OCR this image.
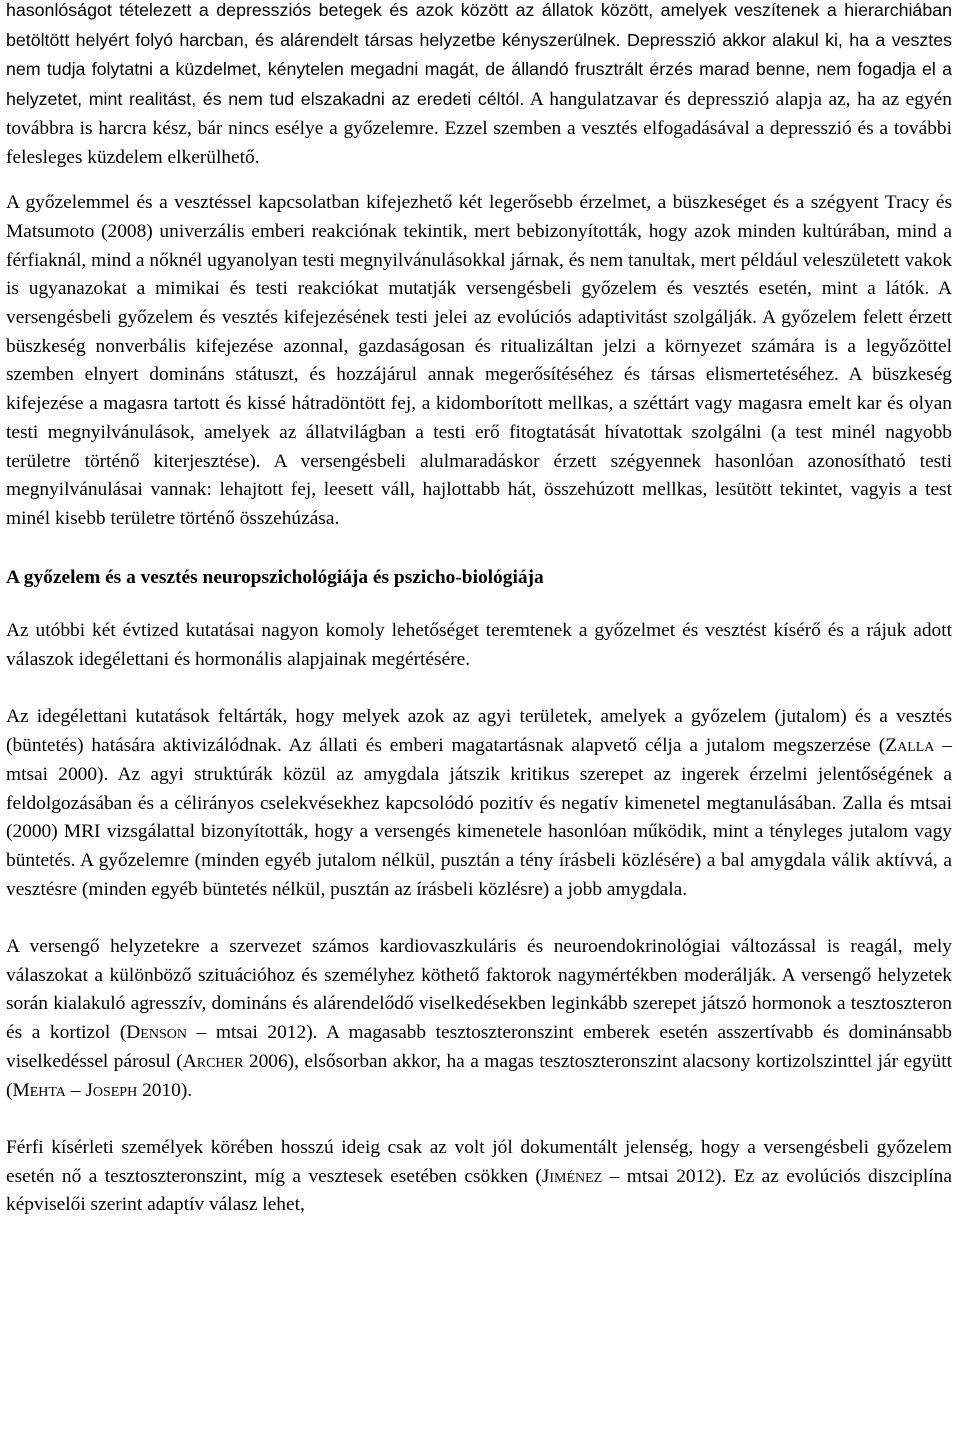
hasonlóságot tételezett a depressziós betegek és azok között az állatok között, amelyek veszítenek a hierarchiában betöltött helyért folyó harcban, és alárendelt társas helyzetbe kényszerülnek. Depresszió akkor alakul ki, ha a vesztes nem tudja folytatni a küzdelmet, kénytelen megadni magát, de állandó frusztrált érzés marad benne, nem fogadja el a helyzetet, mint realitást, és nem tud elszakadni az eredeti céltól. A hangulatzavar és depresszió alapja az, ha az egyén továbbra is harcra kész, bár nincs esélye a győzelemre. Ezzel szemben a vesztés elfogadásával a depresszió és a további felesleges küzdelem elkerülhető.

A győzelemmel és a vesztéssel kapcsolatban kifejezhető két legerősebb érzelmet, a büszkeséget és a szégyent Tracy és Matsumoto (2008) univerzális emberi reakciónak tekintik, mert bebizonyították, hogy azok minden kultúrában, mind a férfiaknál, mind a nőknél ugyanolyan testi megnyilvánulásokkal járnak, és nem tanultak, mert például veleszületett vakok is ugyanazokat a mimikai és testi reakciókat mutatják versengésbeli győzelem és vesztés esetén, mint a látók. A versengésbeli győzelem és vesztés kifejezésének testi jelei az evolúciós adaptivitást szolgálják. A győzelem felett érzett büszkeség nonverbális kifejezése azonnal, gazdaságosan és ritualizáltan jelzi a környezet számára is a legyőzöttel szemben elnyert domináns státuszt, és hozzájárul annak megerősítéséhez és társas elismertetéséhez. A büszkeség kifejezése a magasra tartott és kissé hátradöntött fej, a kidomborított mellkas, a széttárt vagy magasra emelt kar és olyan testi megnyilvánulások, amelyek az állatvilágban a testi erő fitogtatását hívatottak szolgálni (a test minél nagyobb területre történő kiterjesztése). A versengésbeli alulmaradáskor érzett szégyennek hasonlóan azonosítható testi megnyilvánulásai vannak: lehajtott fej, leesett váll, hajlottabb hát, összehúzott mellkas, lesütött tekintet, vagyis a test minél kisebb területre történő összehúzása.

A győzelem és a vesztés neuropszichológiája és pszicho-biológiája

Az utóbbi két évtized kutatásai nagyon komoly lehetőséget teremtenek a győzelmet és vesztést kísérő és a rájuk adott válaszok idegélettani és hormonális alapjainak megértésére.

Az idegélettani kutatások feltárták, hogy melyek azok az agyi területek, amelyek a győzelem (jutalom) és a vesztés (büntetés) hatására aktivizálódnak. Az állati és emberi magatartásnak alapvető célja a jutalom megszerzése (Zalla – mtsai 2000). Az agyi struktúrák közül az amygdala játszik kritikus szerepet az ingerek érzelmi jelentőségének a feldolgozásában és a célirányos cselekvésekhez kapcsolódó pozitív és negatív kimenetel megtanulásában. Zalla és mtsai (2000) MRI vizsgálattal bizonyították, hogy a versengés kimenetele hasonlóan működik, mint a tényleges jutalom vagy büntetés. A győzelemre (minden egyéb jutalom nélkül, pusztán a tény írásbeli közlésére) a bal amygdala válik aktívvá, a vesztésre (minden egyéb büntetés nélkül, pusztán az írásbeli közlésre) a jobb amygdala.

A versengő helyzetekre a szervezet számos kardiovaszkuláris és neuroendokrinológiai változással is reagál, mely válaszokat a különböző szituációhoz és személyhez köthető faktorok nagymértékben moderálják. A versengő helyzetek során kialakuló agresszív, domináns és alárendelődő viselkedésekben leginkább szerepet játszó hormonok a tesztoszteron és a kortizol (Denson – mtsai 2012). A magasabb tesztoszteronszint emberek esetén asszertívabb és dominánsabb viselkedéssel párosul (Archer 2006), elsősorban akkor, ha a magas tesztoszteronszint alacsony kortizolszinttel jár együtt (Mehta – Joseph 2010).

Férfi kísérleti személyek körében hosszú ideig csak az volt jól dokumentált jelenség, hogy a versengésbeli győzelem esetén nő a tesztoszteronszint, míg a vesztesek esetében csökken (Jiménez – mtsai 2012). Ez az evolúciós diszciplína képviselői szerint adaptív válasz lehet,
